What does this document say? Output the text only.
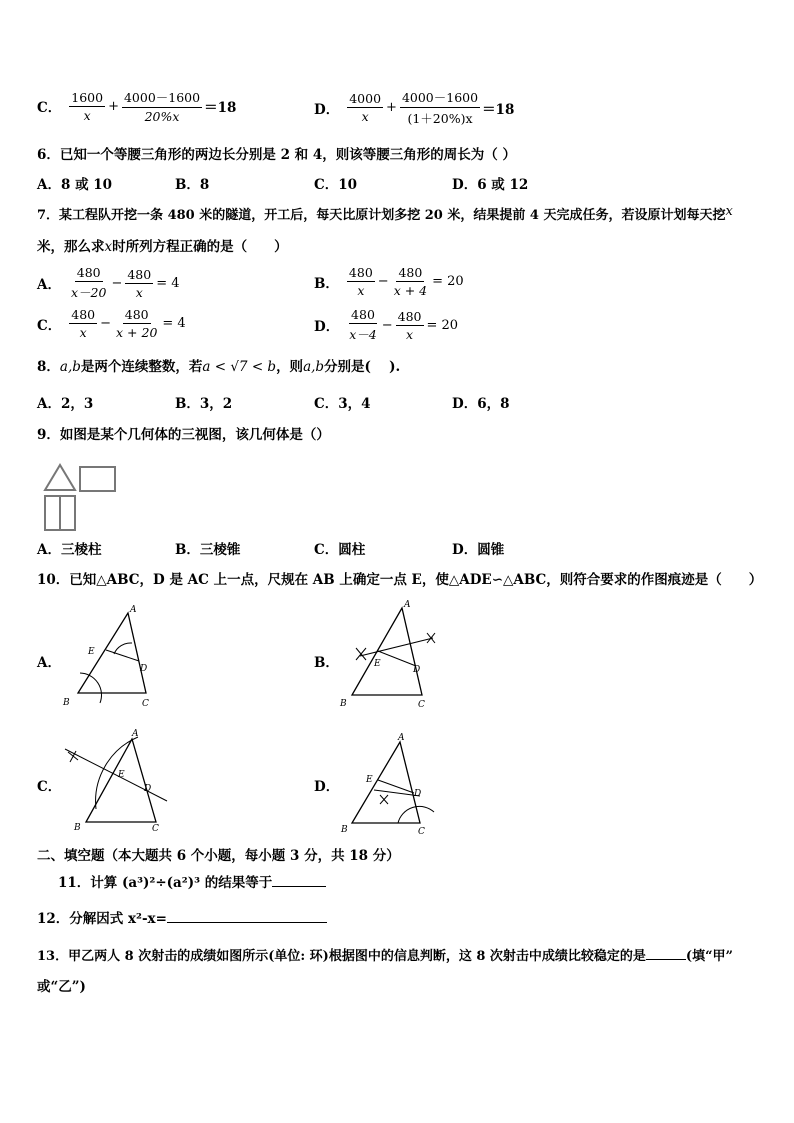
C． $\frac{1600}{x} + \frac{4000-1600}{20\%x} =18$	D． $\frac{4000}{x} + \frac{4000-1600}{(1+20\%)x} =18$
6．已知一个等腰三角形的两边长分别是 2 和 4，则该等腰三角形的周长为（ ）
A．8 或 10	B．8	C．10	D．6 或 12
7．某工程队开挖一条 480 米的隧道，开工后，每天比原计划多挖 20 米，结果提前 4 天完成任务，若设原计划每天挖x
米，那么求x时所列方程正确的是（　　）
A． $\frac{480}{x-20} - \frac{480}{x} = 4$	B． $\frac{480}{x} - \frac{480}{x + 4} = 20$
C． $\frac{480}{x} - \frac{480}{x + 20} = 4$	D． $\frac{480}{x-4} - \frac{480}{x} = 20$
8．a,b是两个连续整数，若a < √7 < b，则a,b分别是(　 ).
A．2，3	B．3，2	C．3，4	D．6，8
9．如图是某个几何体的三视图，该几何体是（）
A．三棱柱	B．三棱锥	C．圆柱	D．圆锥
10．已知△ABC，D 是 AC 上一点，尺规在 AB 上确定一点 E，使△ADE∽△ABC，则符合要求的作图痕迹是（　　）
A．
A
B	C
D
E
B．
A
B	C
D
E
C．
A
B	C
D
E
D．
A
B	C
D
E
二、填空题（本大题共 6 个小题，每小题 3 分，共 18 分）
11．计算 (a³)²÷(a²)³ 的结果等于
12．分解因式 x²-x=
13．甲乙两人 8 次射击的成绩如图所示(单位: 环)根据图中的信息判断，这 8 次射击中成绩比较稳定的是	(填“甲”
或“乙”)
